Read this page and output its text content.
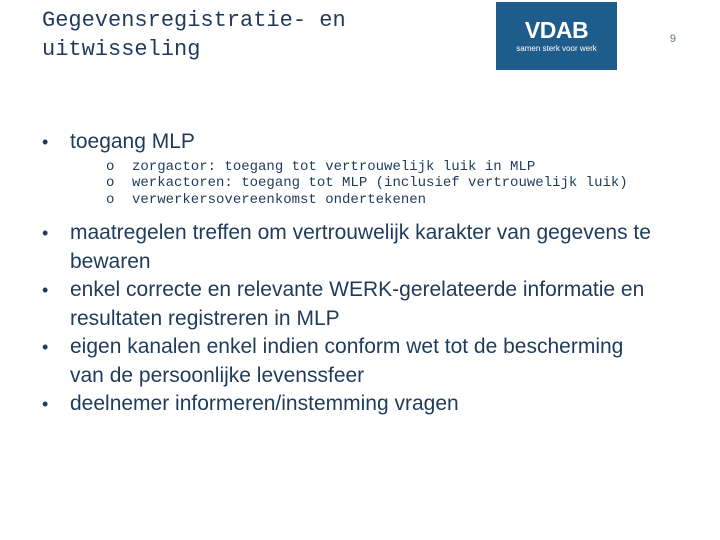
Gegevensregistratie- en uitwisseling
VDAB
samen sterk voor werk
9
•	toegang MLP
o	zorgactor: toegang tot vertrouwelijk luik in MLP
o	werkactoren: toegang tot MLP (inclusief vertrouwelijk luik)
o	verwerkersovereenkomst ondertekenen
•	maatregelen treffen om vertrouwelijk karakter van gegevens te bewaren
•	enkel correcte en relevante WERK-gerelateerde informatie en resultaten registreren in MLP
•	eigen kanalen enkel indien conform wet tot de bescherming van de persoonlijke levenssfeer
•	deelnemer informeren/instemming vragen
